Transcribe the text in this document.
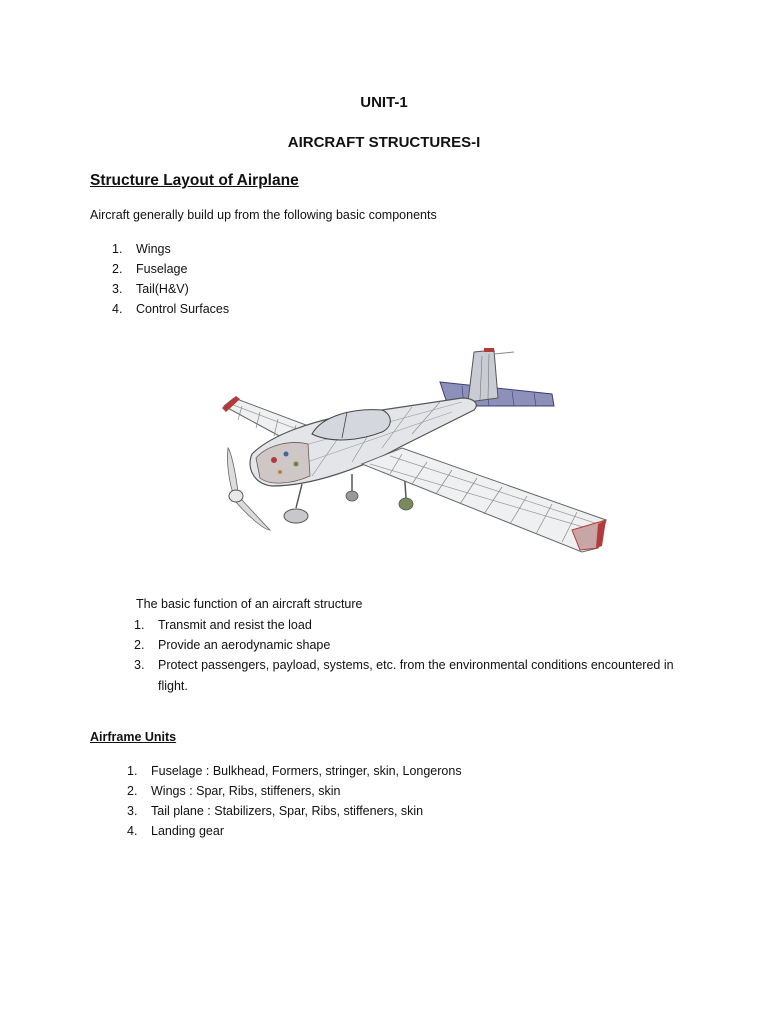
UNIT-1
AIRCRAFT STRUCTURES-I
Structure Layout of Airplane
Aircraft generally build up from the following basic components
1. Wings
2. Fuselage
3. Tail(H&V)
4. Control Surfaces
The basic function of an aircraft structure
1. Transmit and resist the load
2. Provide an aerodynamic shape
3. Protect passengers, payload, systems, etc. from the environmental conditions encountered in flight.
Airframe Units
1. Fuselage : Bulkhead, Formers, stringer, skin, Longerons
2. Wings : Spar, Ribs, stiffeners, skin
3. Tail plane : Stabilizers, Spar, Ribs, stiffeners, skin
4. Landing gear
